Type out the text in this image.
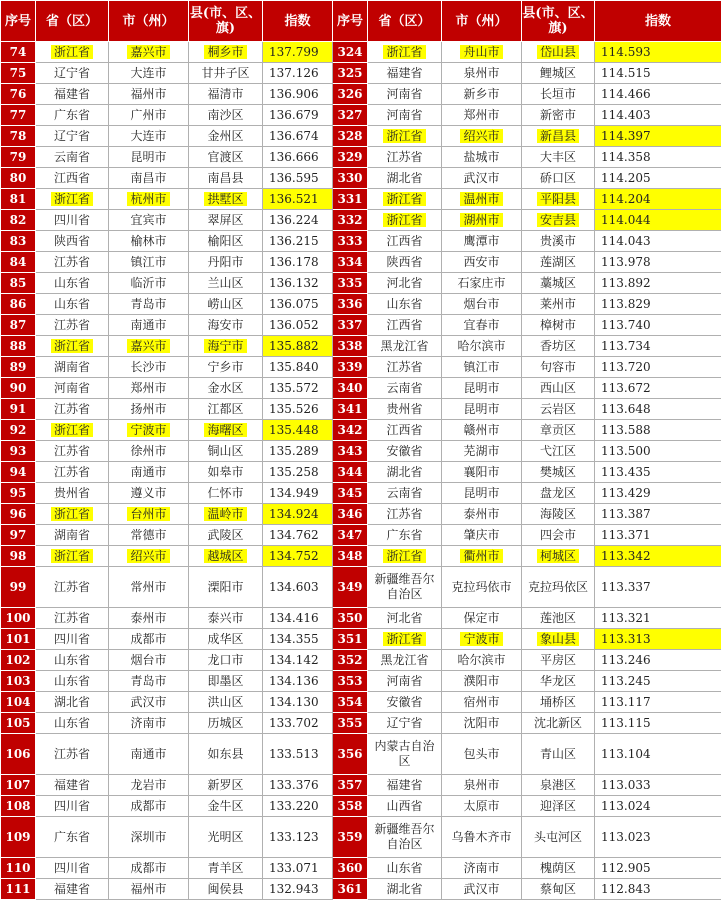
序号	省（区）	市（州）	县(市、区、旗)	指数	序号	省（区）	市（州）	县(市、区、旗)	指数
74	浙江省	嘉兴市	桐乡市	137.799	324	浙江省	舟山市	岱山县	114.593
75	辽宁省	大连市	甘井子区	137.126	325	福建省	泉州市	鲤城区	114.515
76	福建省	福州市	福清市	136.906	326	河南省	新乡市	长垣市	114.466
77	广东省	广州市	南沙区	136.679	327	河南省	郑州市	新密市	114.403
78	辽宁省	大连市	金州区	136.674	328	浙江省	绍兴市	新昌县	114.397
79	云南省	昆明市	官渡区	136.666	329	江苏省	盐城市	大丰区	114.358
80	江西省	南昌市	南昌县	136.595	330	湖北省	武汉市	硚口区	114.205
81	浙江省	杭州市	拱墅区	136.521	331	浙江省	温州市	平阳县	114.204
82	四川省	宜宾市	翠屏区	136.224	332	浙江省	湖州市	安吉县	114.044
83	陕西省	榆林市	榆阳区	136.215	333	江西省	鹰潭市	贵溪市	114.043
84	江苏省	镇江市	丹阳市	136.178	334	陕西省	西安市	莲湖区	113.978
85	山东省	临沂市	兰山区	136.132	335	河北省	石家庄市	藁城区	113.892
86	山东省	青岛市	崂山区	136.075	336	山东省	烟台市	莱州市	113.829
87	江苏省	南通市	海安市	136.052	337	江西省	宜春市	樟树市	113.740
88	浙江省	嘉兴市	海宁市	135.882	338	黑龙江省	哈尔滨市	香坊区	113.734
89	湖南省	长沙市	宁乡市	135.840	339	江苏省	镇江市	句容市	113.720
90	河南省	郑州市	金水区	135.572	340	云南省	昆明市	西山区	113.672
91	江苏省	扬州市	江都区	135.526	341	贵州省	昆明市	云岩区	113.648
92	浙江省	宁波市	海曙区	135.448	342	江西省	赣州市	章贡区	113.588
93	江苏省	徐州市	铜山区	135.289	343	安徽省	芜湖市	弋江区	113.500
94	江苏省	南通市	如皋市	135.258	344	湖北省	襄阳市	樊城区	113.435
95	贵州省	遵义市	仁怀市	134.949	345	云南省	昆明市	盘龙区	113.429
96	浙江省	台州市	温岭市	134.924	346	江苏省	泰州市	海陵区	113.387
97	湖南省	常德市	武陵区	134.762	347	广东省	肇庆市	四会市	113.371
98	浙江省	绍兴市	越城区	134.752	348	浙江省	衢州市	柯城区	113.342
99	江苏省	常州市	溧阳市	134.603	349	新疆维吾尔自治区	克拉玛依市	克拉玛依区	113.337
100	江苏省	泰州市	泰兴市	134.416	350	河北省	保定市	莲池区	113.321
101	四川省	成都市	成华区	134.355	351	浙江省	宁波市	象山县	113.313
102	山东省	烟台市	龙口市	134.142	352	黑龙江省	哈尔滨市	平房区	113.246
103	山东省	青岛市	即墨区	134.136	353	河南省	濮阳市	华龙区	113.245
104	湖北省	武汉市	洪山区	134.130	354	安徽省	宿州市	埇桥区	113.117
105	山东省	济南市	历城区	133.702	355	辽宁省	沈阳市	沈北新区	113.115
106	江苏省	南通市	如东县	133.513	356	内蒙古自治区	包头市	青山区	113.104
107	福建省	龙岩市	新罗区	133.376	357	福建省	泉州市	泉港区	113.033
108	四川省	成都市	金牛区	133.220	358	山西省	太原市	迎泽区	113.024
109	广东省	深圳市	光明区	133.123	359	新疆维吾尔自治区	乌鲁木齐市	头屯河区	113.023
110	四川省	成都市	青羊区	133.071	360	山东省	济南市	槐荫区	112.905
111	福建省	福州市	闽侯县	132.943	361	湖北省	武汉市	蔡甸区	112.843
